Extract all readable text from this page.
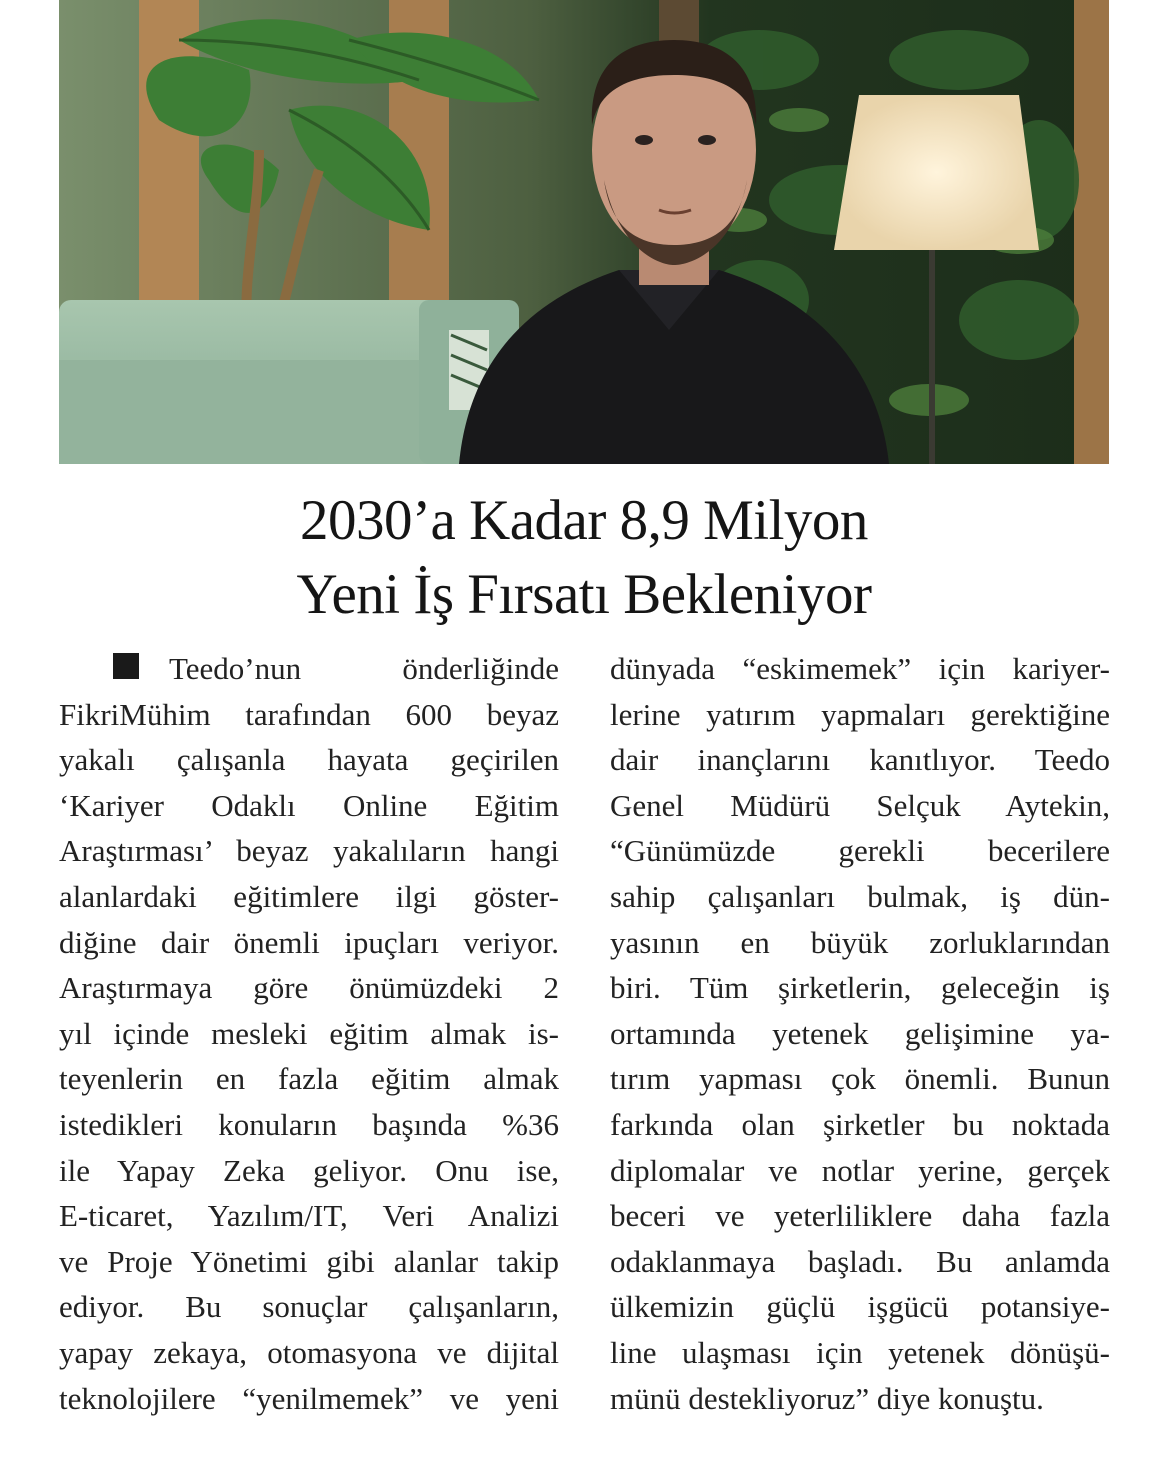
2030’a Kadar 8,9 Milyon
Yeni İş Fırsatı Bekleniyor
Teedo’nun önderliğinde
FikriMühim tarafından 600 beyaz
yakalı çalışanla hayata geçirilen
‘Kariyer Odaklı Online Eğitim
Araştırması’ beyaz yakalıların hangi
alanlardaki eğitimlere ilgi göster-
diğine dair önemli ipuçları veriyor.
Araştırmaya göre önümüzdeki 2
yıl içinde mesleki eğitim almak is-
teyenlerin en fazla eğitim almak
istedikleri konuların başında %36
ile Yapay Zeka geliyor. Onu ise,
E-ticaret, Yazılım/IT, Veri Analizi
ve Proje Yönetimi gibi alanlar takip
ediyor. Bu sonuçlar çalışanların,
yapay zekaya, otomasyona ve dijital
teknolojilere “yenilmemek” ve yeni
dünyada “eskimemek” için kariyer-
lerine yatırım yapmaları gerektiğine
dair inançlarını kanıtlıyor. Teedo
Genel Müdürü Selçuk Aytekin,
“Günümüzde gerekli becerilere
sahip çalışanları bulmak, iş dün-
yasının en büyük zorluklarından
biri. Tüm şirketlerin, geleceğin iş
ortamında yetenek gelişimine ya-
tırım yapması çok önemli. Bunun
farkında olan şirketler bu noktada
diplomalar ve notlar yerine, gerçek
beceri ve yeterliliklere daha fazla
odaklanmaya başladı. Bu anlamda
ülkemizin güçlü işgücü potansiye-
line ulaşması için yetenek dönüşü-
münü destekliyoruz” diye konuştu.
